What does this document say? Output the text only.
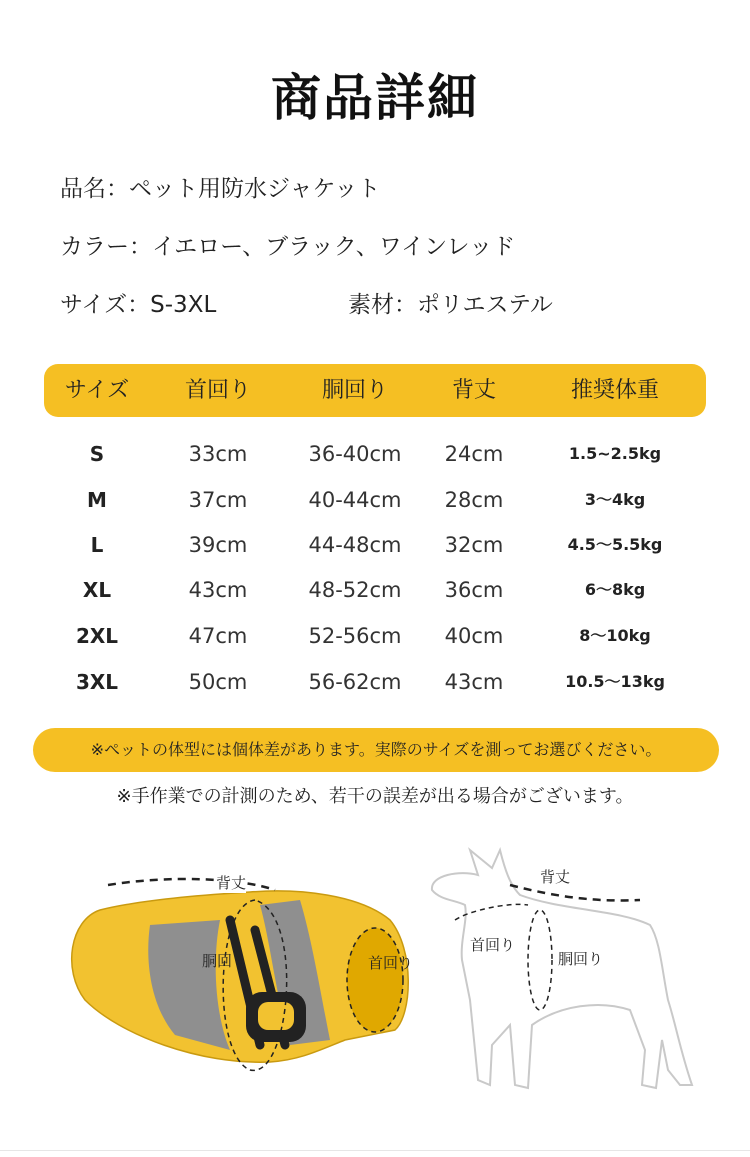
商品詳細
品名：ペット用防水ジャケット
カラー：イエロー、ブラック、ワインレッド
サイズ：S-3XL	素材：ポリエステル
サイズ	首回り	胴回り	背丈	推奨体重
S	33cm	36-40cm	24cm	1.5~2.5kg
M	37cm	40-44cm	28cm	3～4kg
L	39cm	44-48cm	32cm	4.5～5.5kg
XL	43cm	48-52cm	36cm	6～8kg
2XL	47cm	52-56cm	40cm	8～10kg
3XL	50cm	56-62cm	43cm	10.5～13kg
※ペットの体型には個体差があります。実際のサイズを測ってお選びください。
※手作業での計測のため、若干の誤差が出る場合がございます。
背丈
胴回り	首回り
背丈
首回り
胴回り
